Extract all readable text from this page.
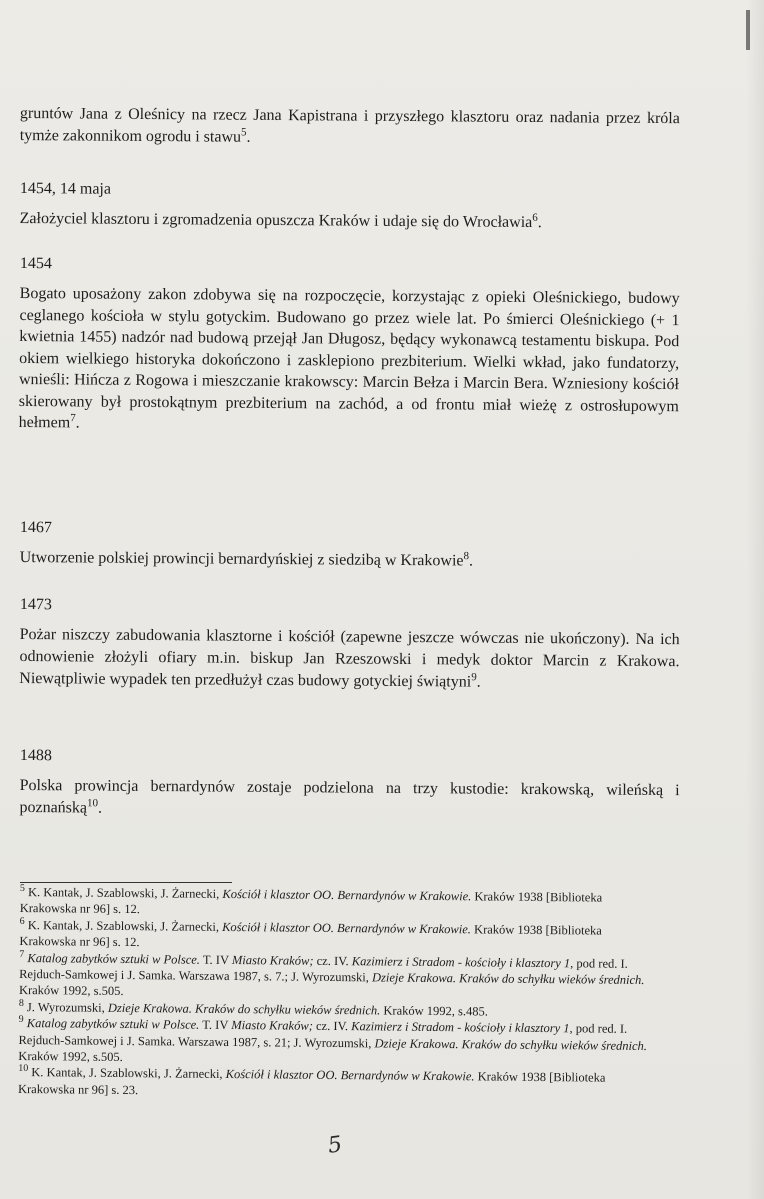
gruntów Jana z Oleśnicy na rzecz Jana Kapistrana i przyszłego klasztoru oraz nadania przez króla tymże zakonnikom ogrodu i stawu$^5$.

1454, 14 maja

Założyciel klasztoru i zgromadzenia opuszcza Kraków i udaje się do Wrocławia$^6$.

1454

Bogato uposażony zakon zdobywa się na rozpoczęcie, korzystając z opieki Oleśnickiego, budowy ceglanego kościoła w stylu gotyckim. Budowano go przez wiele lat. Po śmierci Oleśnickiego (+ 1 kwietnia 1455) nadzór nad budową przejął Jan Długosz, będący wykonawcą testamentu biskupa. Pod okiem wielkiego historyka dokończono i zasklepiono prezbiterium. Wielki wkład, jako fundatorzy, wnieśli: Hińcza z Rogowa i mieszczanie krakowscy: Marcin Bełza i Marcin Bera. Wzniesiony kościół skierowany był prostokątnym prezbiterium na zachód, a od frontu miał wieżę z ostrosłupowym hełmem$^7$.

1467

Utworzenie polskiej prowincji bernardyńskiej z siedzibą w Krakowie$^8$.

1473

Pożar niszczy zabudowania klasztorne i kościół (zapewne jeszcze wówczas nie ukończony). Na ich odnowienie złożyli ofiary m.in. biskup Jan Rzeszowski i medyk doktor Marcin z Krakowa. Niewątpliwie wypadek ten przedłużył czas budowy gotyckiej świątyni$^9$.

1488

Polska prowincja bernardynów zostaje podzielona na trzy kustodie: krakowską, wileńską i poznańską$^{10}$.

$^5$ K. Kantak, J. Szablowski, J. Żarnecki, Kościół i klasztor OO. Bernardynów w Krakowie. Kraków 1938 [Biblioteka Krakowska nr 96] s. 12.

$^6$ K. Kantak, J. Szablowski, J. Żarnecki, Kościół i klasztor OO. Bernardynów w Krakowie. Kraków 1938 [Biblioteka Krakowska nr 96] s. 12.

$^7$ Katalog zabytków sztuki w Polsce. T. IV Miasto Kraków; cz. IV. Kazimierz i Stradom - kościoły i klasztory 1, pod red. I. Rejduch-Samkowej i J. Samka. Warszawa 1987, s. 7.; J. Wyrozumski, Dzieje Krakowa. Kraków do schyłku wieków średnich. Kraków 1992, s.505.

$^8$ J. Wyrozumski, Dzieje Krakowa. Kraków do schyłku wieków średnich. Kraków 1992, s.485.

$^9$ Katalog zabytków sztuki w Polsce. T. IV Miasto Kraków; cz. IV. Kazimierz i Stradom - kościoły i klasztory 1, pod red. I. Rejduch-Samkowej i J. Samka. Warszawa 1987, s. 21; J. Wyrozumski, Dzieje Krakowa. Kraków do schyłku wieków średnich. Kraków 1992, s.505.

$^{10}$ K. Kantak, J. Szablowski, J. Żarnecki, Kościół i klasztor OO. Bernardynów w Krakowie. Kraków 1938 [Biblioteka Krakowska nr 96] s. 23.

5
